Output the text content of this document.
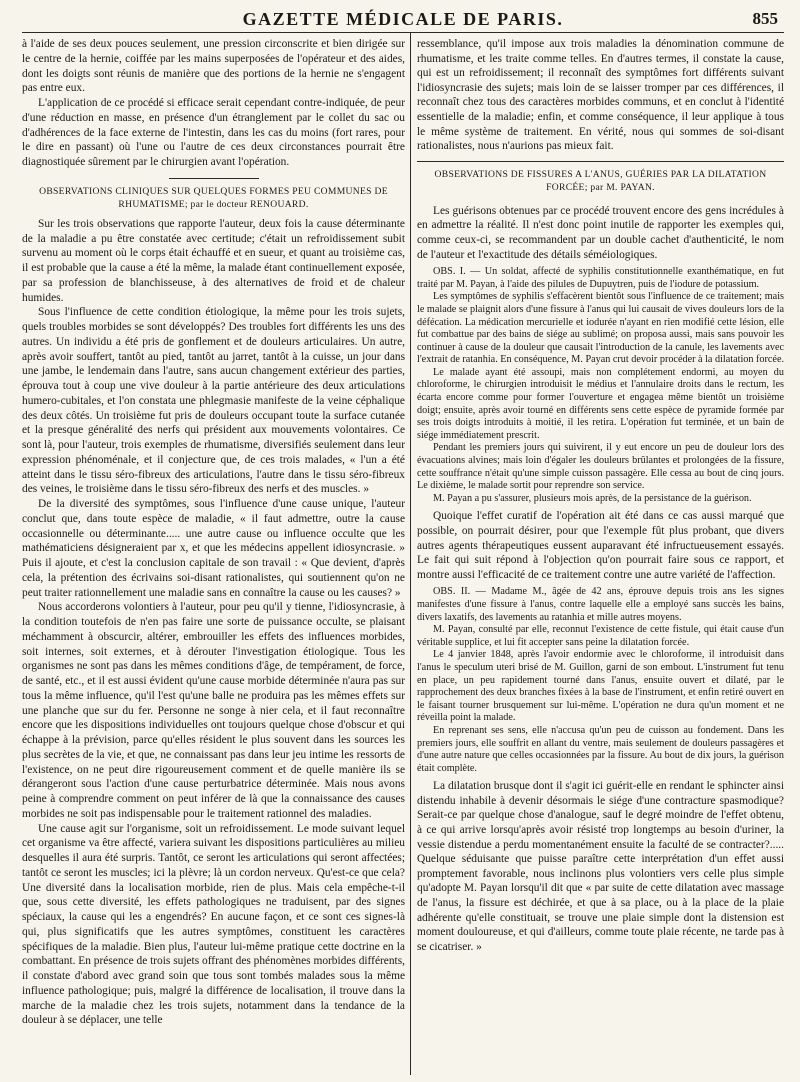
GAZETTE MÉDICALE DE PARIS.	855

à l'aide de ses deux pouces seulement, une pression circonscrite et bien dirigée sur le centre de la hernie, coiffée par les mains superposées de l'opérateur et des aides, dont les doigts sont réunis de manière que des portions de la hernie ne s'engagent pas entre eux.

L'application de ce procédé si efficace serait cependant contre-indiquée, de peur d'une réduction en masse, en présence d'un étranglement par le collet du sac ou d'adhérences de la face externe de l'intestin, dans les cas du moins (fort rares, pour le dire en passant) où l'une ou l'autre de ces deux circonstances pourrait être diagnostiquée sûrement par le chirurgien avant l'opération.

OBSERVATIONS CLINIQUES SUR QUELQUES FORMES PEU COMMUNES DE RHUMATISME; par le docteur RENOUARD.

Sur les trois observations que rapporte l'auteur, deux fois la cause déterminante de la maladie a pu être constatée avec certitude; c'était un refroidissement subit survenu au moment où le corps était échauffé et en sueur, et quant au troisième cas, il est probable que la cause a été la même, la malade étant continuellement exposée, par sa profession de blanchisseuse, à des alternatives de froid et de chaleur humides.

Sous l'influence de cette condition étiologique, la même pour les trois sujets, quels troubles morbides se sont développés? Des troubles fort différents les uns des autres. Un individu a été pris de gonflement et de douleurs articulaires. Un autre, après avoir souffert, tantôt au pied, tantôt au jarret, tantôt à la cuisse, un jour dans une jambe, le lendemain dans l'autre, sans aucun changement extérieur des parties, éprouva tout à coup une vive douleur à la partie antérieure des deux articulations humero-cubitales, et l'on constata une phlegmasie manifeste de la veine céphalique des deux côtés. Un troisième fut pris de douleurs occupant toute la surface cutanée et la presque généralité des nerfs qui président aux mouvements volontaires. Ce sont là, pour l'auteur, trois exemples de rhumatisme, diversifiés seulement dans leur expression phénoménale, et il conjecture que, de ces trois malades, « l'un a été atteint dans le tissu séro-fibreux des articulations, l'autre dans le tissu séro-fibreux des veines, le troisième dans le tissu séro-fibreux des nerfs et des muscles. »

De la diversité des symptômes, sous l'influence d'une cause unique, l'auteur conclut que, dans toute espèce de maladie, « il faut admettre, outre la cause occasionnelle ou déterminante..... une autre cause ou influence occulte que les mathématiciens désigneraient par x, et que les médecins appellent idiosyncrasie. » Puis il ajoute, et c'est la conclusion capitale de son travail : « Que devient, d'après cela, la prétention des écrivains soi-disant rationalistes, qui soutiennent qu'on ne peut traiter rationnellement une maladie sans en connaître la cause ou les causes? »

Nous accorderons volontiers à l'auteur, pour peu qu'il y tienne, l'idiosyncrasie, à la condition toutefois de n'en pas faire une sorte de puissance occulte, se plaisant méchamment à obscurcir, altérer, embrouiller les effets des influences morbides, soit internes, soit externes, et à dérouter l'investigation étiologique. Tous les organismes ne sont pas dans les mêmes conditions d'âge, de tempérament, de force, de santé, etc., et il est aussi évident qu'une cause morbide déterminée n'aura pas sur tous la même influence, qu'il l'est qu'une balle ne produira pas les mêmes effets sur une planche que sur du fer. Personne ne songe à nier cela, et il faut reconnaître encore que les dispositions individuelles ont toujours quelque chose d'obscur et qui échappe à la prévision, parce qu'elles résident le plus souvent dans les sources les plus secrètes de la vie, et que, ne connaissant pas dans leur jeu intime les ressorts de l'existence, on ne peut dire rigoureusement comment et de quelle manière ils se dérangeront sous l'action d'une cause perturbatrice déterminée. Mais nous avons peine à comprendre comment on peut inférer de là que la connaissance des causes morbides ne soit pas indispensable pour le traitement rationnel des maladies.

Une cause agit sur l'organisme, soit un refroidissement. Le mode suivant lequel cet organisme va être affecté, variera suivant les dispositions particulières au milieu desquelles il aura été surpris. Tantôt, ce seront les articulations qui seront affectées; tantôt ce seront les muscles; ici la plèvre; là un cordon nerveux. Qu'est-ce que cela? Une diversité dans la localisation morbide, rien de plus. Mais cela empêche-t-il que, sous cette diversité, les effets pathologiques ne traduisent, par des signes spéciaux, la cause qui les a engendrés? En aucune façon, et ce sont ces signes-là qui, plus significatifs que les autres symptômes, constituent les caractères spécifiques de la maladie. Bien plus, l'auteur lui-même pratique cette doctrine en la combattant. En présence de trois sujets offrant des phénomènes morbides différents, il constate d'abord avec grand soin que tous sont tombés malades sous la même influence pathologique; puis, malgré la différence de localisation, il trouve dans la marche de la maladie chez les trois sujets, notamment dans la tendance de la douleur à se déplacer, une telle

ressemblance, qu'il impose aux trois maladies la dénomination commune de rhumatisme, et les traite comme telles. En d'autres termes, il constate la cause, qui est un refroidissement; il reconnaît des symptômes fort différents suivant l'idiosyncrasie des sujets; mais loin de se laisser tromper par ces différences, il reconnaît chez tous des caractères morbides communs, et en conclut à l'identité essentielle de la maladie; enfin, et comme conséquence, il leur applique à tous le même système de traitement. En vérité, nous qui sommes de soi-disant rationalistes, nous n'aurions pas mieux fait.

OBSERVATIONS DE FISSURES A L'ANUS, GUÉRIES PAR LA DILATATION FORCÉE; par M. PAYAN.

Les guérisons obtenues par ce procédé trouvent encore des gens incrédules à en admettre la réalité. Il n'est donc point inutile de rapporter les exemples qui, comme ceux-ci, se recommandent par un double cachet d'authenticité, le nom de l'auteur et l'exactitude des détails séméiologiques.

OBS. I. — Un soldat, affecté de syphilis constitutionnelle exanthématique, en fut traité par M. Payan, à l'aide des pilules de Dupuytren, puis de l'iodure de potassium.

Les symptômes de syphilis s'effacèrent bientôt sous l'influence de ce traitement; mais le malade se plaignit alors d'une fissure à l'anus qui lui causait de vives douleurs lors de la défécation. La médication mercurielle et iodurée n'ayant en rien modifié cette lésion, elle fut combattue par des bains de siége au sublimé; on proposa aussi, mais sans pouvoir les continuer à cause de la douleur que causait l'introduction de la canule, les lavements avec l'extrait de ratanhia. En conséquence, M. Payan crut devoir procéder à la dilatation forcée.

Le malade ayant été assoupi, mais non complétement endormi, au moyen du chloroforme, le chirurgien introduisit le médius et l'annulaire droits dans le rectum, les écarta encore comme pour former l'ouverture et engagea même bientôt un troisième doigt; ensuite, après avoir tourné en différents sens cette espèce de pyramide formée par ses trois doigts introduits à moitié, il les retira. L'opération fut terminée, et un bain de siége immédiatement prescrit.

Pendant les premiers jours qui suivirent, il y eut encore un peu de douleur lors des évacuations alvines; mais loin d'égaler les douleurs brûlantes et prolongées de la fissure, cette souffrance n'était qu'une simple cuisson passagère. Elle cessa au bout de cinq jours. Le dixième, le malade sortit pour reprendre son service.

M. Payan a pu s'assurer, plusieurs mois après, de la persistance de la guérison.

Quoique l'effet curatif de l'opération ait été dans ce cas aussi marqué que possible, on pourrait désirer, pour que l'exemple fût plus probant, que divers autres agents thérapeutiques eussent auparavant été infructueusement essayés. Le fait qui suit répond à l'objection qu'on pourrait faire sous ce rapport, et montre aussi l'efficacité de ce traitement contre une autre variété de l'affection.

OBS. II. — Madame M., âgée de 42 ans, éprouve depuis trois ans les signes manifestes d'une fissure à l'anus, contre laquelle elle a employé sans succès les bains, divers laxatifs, des lavements au ratanhia et mille autres moyens.

M. Payan, consulté par elle, reconnut l'existence de cette fistule, qui était cause d'un véritable supplice, et lui fit accepter sans peine la dilatation forcée.

Le 4 janvier 1848, après l'avoir endormie avec le chloroforme, il introduisit dans l'anus le speculum uteri brisé de M. Guillon, garni de son embout. L'instrument fut tenu en place, un peu rapidement tourné dans l'anus, ensuite ouvert et dilaté, par le rapprochement des deux branches fixées à la base de l'instrument, et enfin retiré ouvert en le faisant tourner brusquement sur lui-même. L'opération ne dura qu'un moment et ne réveilla point la malade.

En reprenant ses sens, elle n'accusa qu'un peu de cuisson au fondement. Dans les premiers jours, elle souffrit en allant du ventre, mais seulement de douleurs passagères et d'une autre nature que celles occasionnées par la fissure. Au bout de dix jours, la guérison était complète.

La dilatation brusque dont il s'agit ici guérit-elle en rendant le sphincter ainsi distendu inhabile à devenir désormais le siége d'une contracture spasmodique? Serait-ce par quelque chose d'analogue, sauf le degré moindre de l'effet obtenu, à ce qui arrive lorsqu'après avoir résisté trop longtemps au besoin d'uriner, la vessie distendue a perdu momentanément ensuite la faculté de se contracter?..... Quelque séduisante que puisse paraître cette interprétation d'un effet aussi promptement favorable, nous inclinons plus volontiers vers celle plus simple qu'adopte M. Payan lorsqu'il dit que « par suite de cette dilatation avec massage de l'anus, la fissure est déchirée, et que à sa place, ou à la place de la plaie adhérente qu'elle constituait, se trouve une plaie simple dont la distension est moment douloureuse, et qui d'ailleurs, comme toute plaie récente, ne tarde pas à se cicatriser. »
